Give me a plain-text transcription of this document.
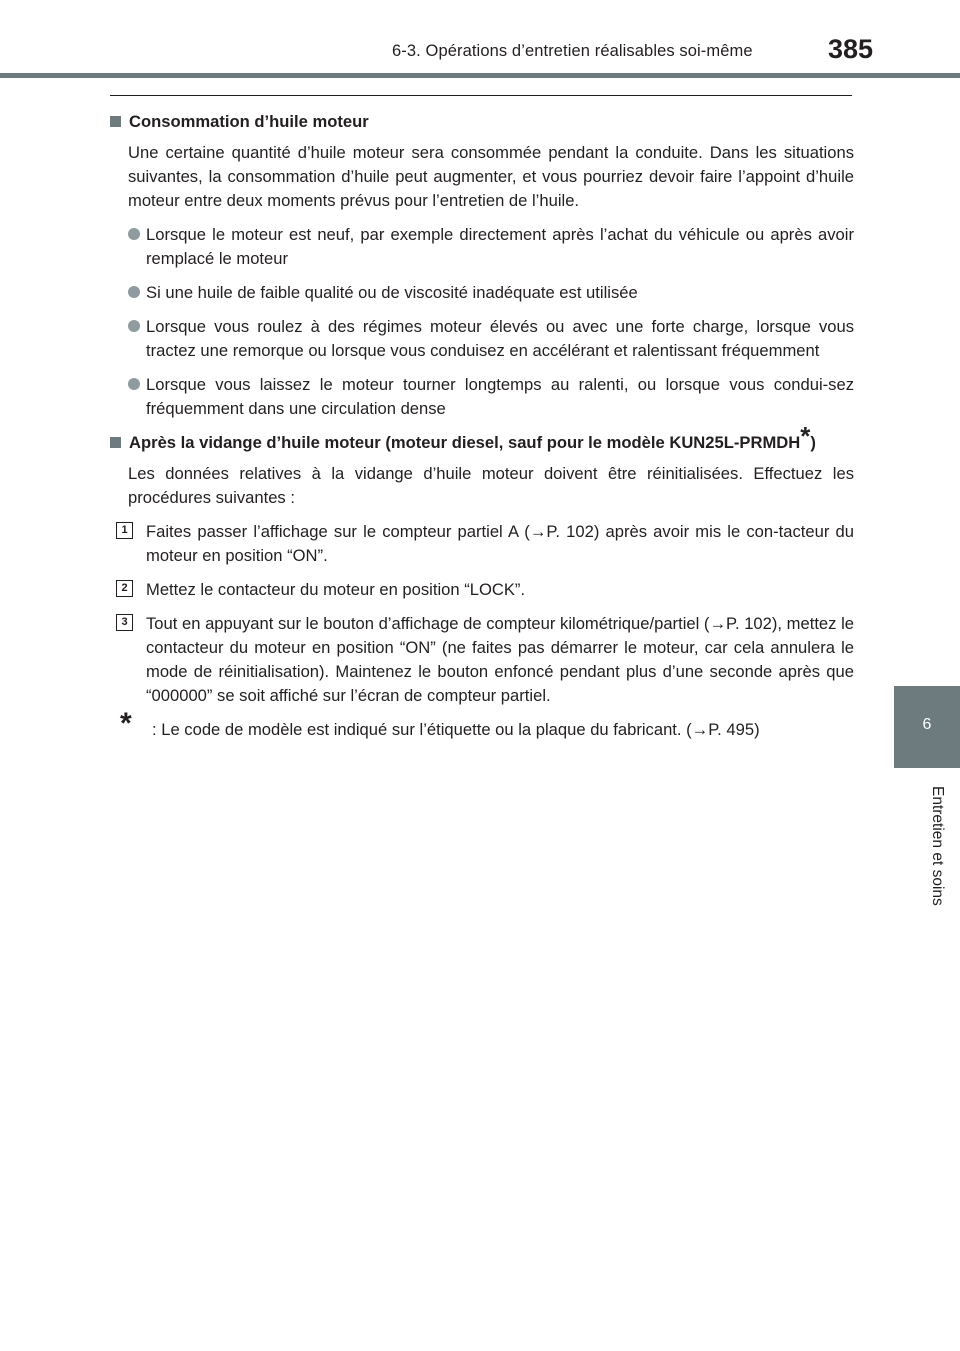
6-3. Opérations d’entretien réalisables soi-même	385
6
Entretien et soins
Consommation d’huile moteur

Une certaine quantité d’huile moteur sera consommée pendant la conduite. Dans les situations suivantes, la consommation d’huile peut augmenter, et vous pourriez devoir faire l’appoint d’huile moteur entre deux moments prévus pour l’entretien de l’huile.

Lorsque le moteur est neuf, par exemple directement après l’achat du véhicule ou après avoir remplacé le moteur
Si une huile de faible qualité ou de viscosité inadéquate est utilisée
Lorsque vous roulez à des régimes moteur élevés ou avec une forte charge, lorsque vous tractez une remorque ou lorsque vous conduisez en accélérant et ralentissant fréquemment
Lorsque vous laissez le moteur tourner longtemps au ralenti, ou lorsque vous condui-sez fréquemment dans une circulation dense
Après la vidange d’huile moteur (moteur diesel, sauf pour le modèle KUN25L-PRMDH*)

Les données relatives à la vidange d’huile moteur doivent être réinitialisées. Effectuez les procédures suivantes :

1	Faites passer l’affichage sur le compteur partiel A (→P. 102) après avoir mis le con-tacteur du moteur en position “ON”.
2	Mettez le contacteur du moteur en position “LOCK”.
3	Tout en appuyant sur le bouton d’affichage de compteur kilométrique/partiel (→P. 102), mettez le contacteur du moteur en position “ON” (ne faites pas démarrer le moteur, car cela annulera le mode de réinitialisation). Maintenez le bouton enfoncé pendant plus d’une seconde après que “000000” se soit affiché sur l’écran de compteur partiel.
*	: Le code de modèle est indiqué sur l’étiquette ou la plaque du fabricant. (→P. 495)
